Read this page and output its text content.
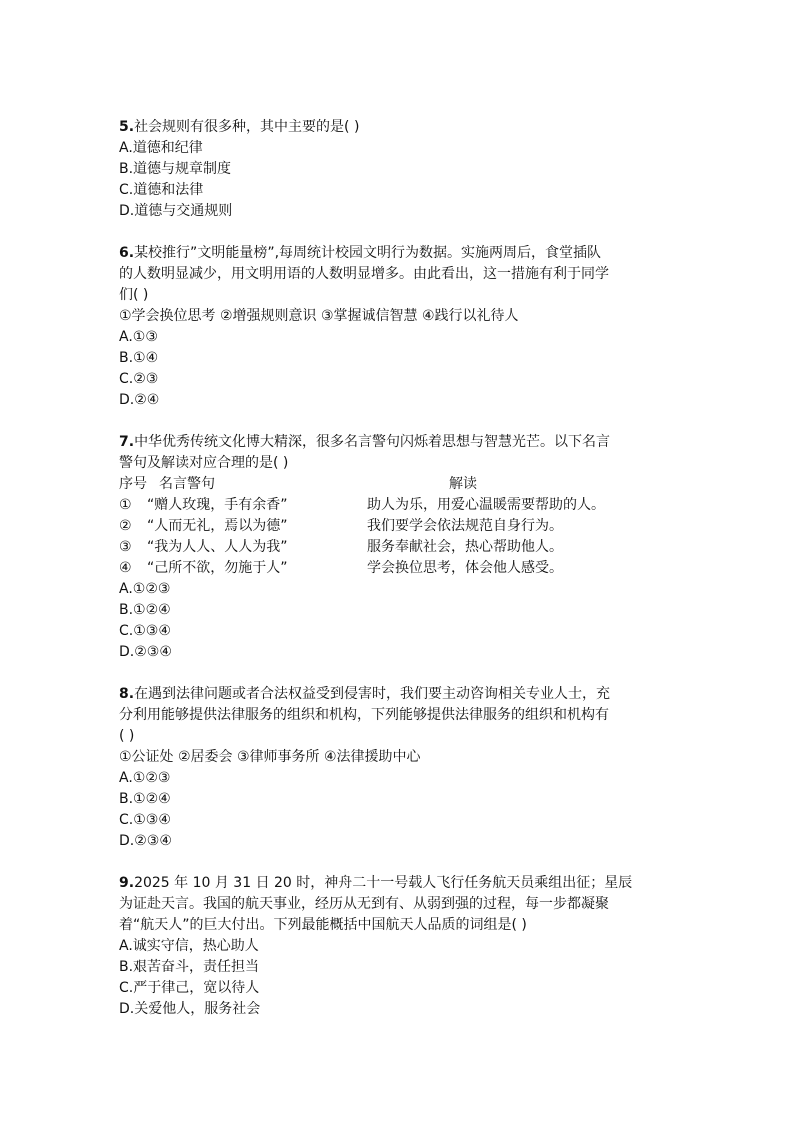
5.社会规则有很多种，其中主要的是( )
A.道德和纪律
B.道德与规章制度
C.道德和法律
D.道德与交通规则
6.某校推行”文明能量榜”,每周统计校园文明行为数据。实施两周后，食堂插队
的人数明显减少，用文明用语的人数明显增多。由此看出，这一措施有利于同学
们( )
①学会换位思考 ②增强规则意识 ③掌握诚信智慧 ④践行以礼待人
A.①③
B.①④
C.②③
D.②④
7.中华优秀传统文化博大精深，很多名言警句闪烁着思想与智慧光芒。以下名言
警句及解读对应合理的是( )
序号 名言警句	解读
①	“赠人玫瑰，手有余香”	助人为乐，用爱心温暖需要帮助的人。
②	“人而无礼，焉以为德”	我们要学会依法规范自身行为。
③	“我为人人、人人为我”	服务奉献社会，热心帮助他人。
④	“己所不欲，勿施于人”	学会换位思考，体会他人感受。
A.①②③
B.①②④
C.①③④
D.②③④
8.在遇到法律问题或者合法权益受到侵害时，我们要主动咨询相关专业人士，充
分利用能够提供法律服务的组织和机构，下列能够提供法律服务的组织和机构有
( )
①公证处 ②居委会 ③律师事务所 ④法律援助中心
A.①②③
B.①②④
C.①③④
D.②③④
9.2025 年 10 月 31 日 20 时，神舟二十一号载人飞行任务航天员乘组出征；星辰
为证赴天言。我国的航天事业，经历从无到有、从弱到强的过程，每一步都凝聚
着“航天人”的巨大付出。下列最能概括中国航天人品质的词组是( )
A.诚实守信，热心助人
B.艰苦奋斗，责任担当
C.严于律己，宽以待人
D.关爱他人，服务社会
